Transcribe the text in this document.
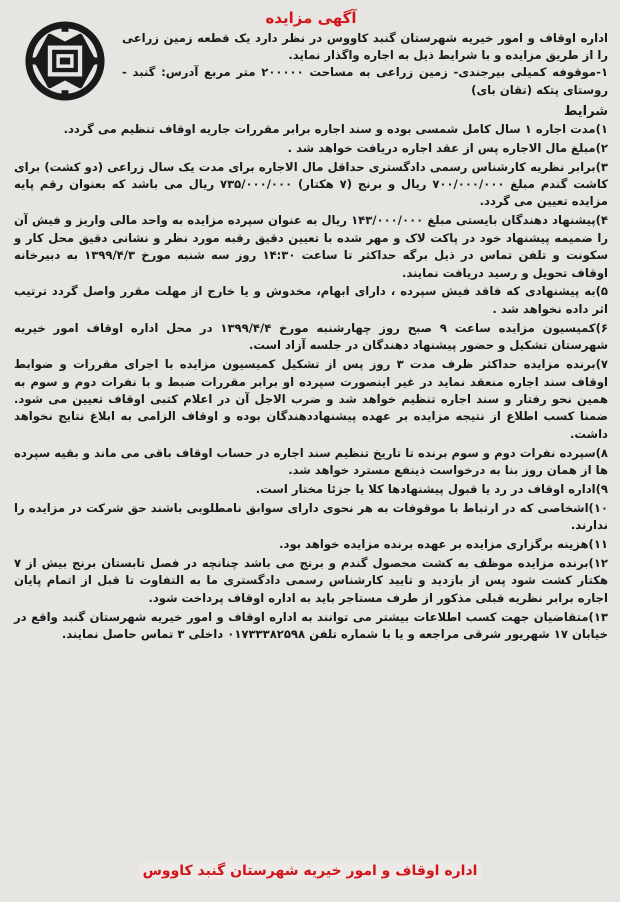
آگهی مزایده

اداره اوقاف و امور خیریه شهرستان گنبد کاووس در نظر دارد یک قطعه زمین زراعی را از طریق مزایده و با شرایط ذیل به اجاره واگذار نماید.

۱-موقوفه کمیلی بیرجندی- زمین زراعی به مساحت ۲۰۰۰۰۰ متر مربع آدرس: گنبد - روستای پتکه (تقان بای)

شرایط

۱)مدت اجاره ۱ سال کامل شمسی بوده و سند اجاره برابر مقررات جاریه اوقاف تنظیم می گردد.

۲)مبلغ مال الاجاره پس از عقد اجاره دریافت خواهد شد .

۳)برابر نظریه کارشناس رسمی دادگستری حداقل مال الاجاره برای مدت یک سال زراعی (دو کشت) برای کاشت گندم مبلغ ۷۰۰/۰۰۰/۰۰۰ ریال و برنج (۷ هکتار) ۷۳۵/۰۰۰/۰۰۰ ریال می باشد که بعنوان رقم پایه مزایده تعیین می گردد.

۴)پیشنهاد دهندگان بایستی مبلغ ۱۴۳/۰۰۰/۰۰۰ ریال به عنوان سپرده مزایده به واحد مالی واریز و فیش آن را ضمیمه پیشنهاد خود در پاکت لاک و مهر شده با تعیین دقیق رقبه مورد نظر و نشانی دقیق محل کار و سکونت و تلفن تماس در ذیل برگه حداکثر تا ساعت ۱۴:۳۰ روز سه شنبه مورخ ۱۳۹۹/۴/۳ به دبیرخانه اوقاف تحویل و رسید دریافت نمایند.

۵)به پیشنهادی که فاقد فیش سپرده ، دارای ابهام، مخدوش و یا خارج از مهلت مقرر واصل گردد ترتیب اثر داده نخواهد شد .

۶)کمیسیون مزایده ساعت ۹ صبح روز چهارشنبه مورخ ۱۳۹۹/۴/۴ در محل اداره اوقاف امور خیریه شهرستان تشکیل و حضور پیشنهاد دهندگان در جلسه آزاد است.

۷)برنده مزایده حداکثر ظرف مدت ۳ روز پس از تشکیل کمیسیون مزایده با اجرای مقررات و ضوابط اوقاف سند اجاره منعقد نماید در غیر اینصورت سپرده او برابر مقررات ضبط و با نفرات دوم و سوم به همین نحو رفتار و سند اجاره تنظیم خواهد شد و ضرب الاجل آن در اعلام کتبی اوقاف تعیین می شود. ضمنا کسب اطلاع از نتیجه مزایده بر عهده پیشنهاددهندگان بوده و اوقاف الزامی به ابلاغ نتایج نخواهد داشت.

۸)سپرده نفرات دوم و سوم برنده تا تاریخ تنظیم سند اجاره در حساب اوقاف باقی می ماند و بقیه سپرده ها از همان روز بنا به درخواست ذینفع مسترد خواهد شد.

۹)اداره اوقاف در رد یا قبول پیشنهادها کلا یا جزئا مختار است.

۱۰)اشخاصی که در ارتباط با موقوفات به هر نحوی دارای سوابق نامطلوبی باشند حق شرکت در مزایده را ندارند.

۱۱)هزینه برگزاری مزایده بر عهده برنده مزایده خواهد بود.

۱۲)برنده مزایده موظف به کشت محصول گندم و برنج می باشد چنانچه در فصل تابستان برنج بیش از ۷ هکتار کشت شود پس از بازدید و تایید کارشناس رسمی دادگستری ما به التفاوت تا قبل از اتمام پایان اجاره برابر نظریه قبلی مذکور از طرف مستاجر باید به اداره اوقاف پرداخت شود.

۱۳)متقاضیان جهت کسب اطلاعات بیشتر می توانند به اداره اوقاف و امور خیریه شهرستان گنبد واقع در خیابان ۱۷ شهریور شرقی مراجعه و یا با شماره تلفن ۰۱۷۳۳۳۸۲۵۹۸ داخلی ۳ تماس حاصل نمایند.

اداره اوقاف و امور خیریه شهرستان گنبد کاووس
